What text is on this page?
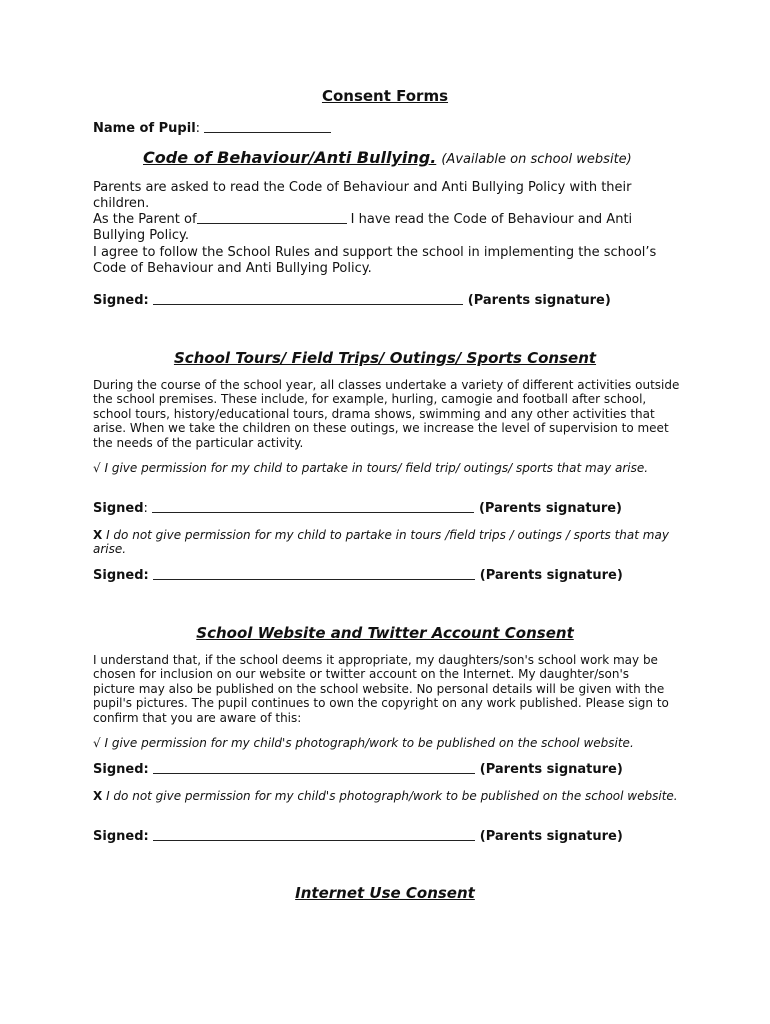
Consent Forms
Name of Pupil:
Code of Behaviour/Anti Bullying. (Available on school website)
Parents are asked to read the Code of Behaviour and Anti Bullying Policy with their
children.
As the Parent of	I have read the Code of Behaviour and Anti
Bullying Policy.
I agree to follow the School Rules and support the school in implementing the school’s
Code of Behaviour and Anti Bullying Policy.
Signed:	(Parents signature)
School Tours/ Field Trips/ Outings/ Sports Consent

During the course of the school year, all classes undertake a variety of different activities outside the school premises. These include, for example, hurling, camogie and football after school, school tours, history/educational tours, drama shows, swimming and any other activities that arise. When we take the children on these outings, we increase the level of supervision to meet the needs of the particular activity.

√ I give permission for my child to partake in tours/ field trip/ outings/ sports that may arise.

Signed:	(Parents signature)

X I do not give permission for my child to partake in tours /field trips / outings / sports that may arise.

Signed:	(Parents signature)
School Website and Twitter Account Consent

I understand that, if the school deems it appropriate, my daughters/son's school work may be chosen for inclusion on our website or twitter account on the Internet. My daughter/son's picture may also be published on the school website. No personal details will be given with the pupil's pictures. The pupil continues to own the copyright on any work published. Please sign to confirm that you are aware of this:

√ I give permission for my child's photograph/work to be published on the school website.

Signed:	(Parents signature)

X I do not give permission for my child's photograph/work to be published on the school website.

Signed:	(Parents signature)
Internet Use Consent
